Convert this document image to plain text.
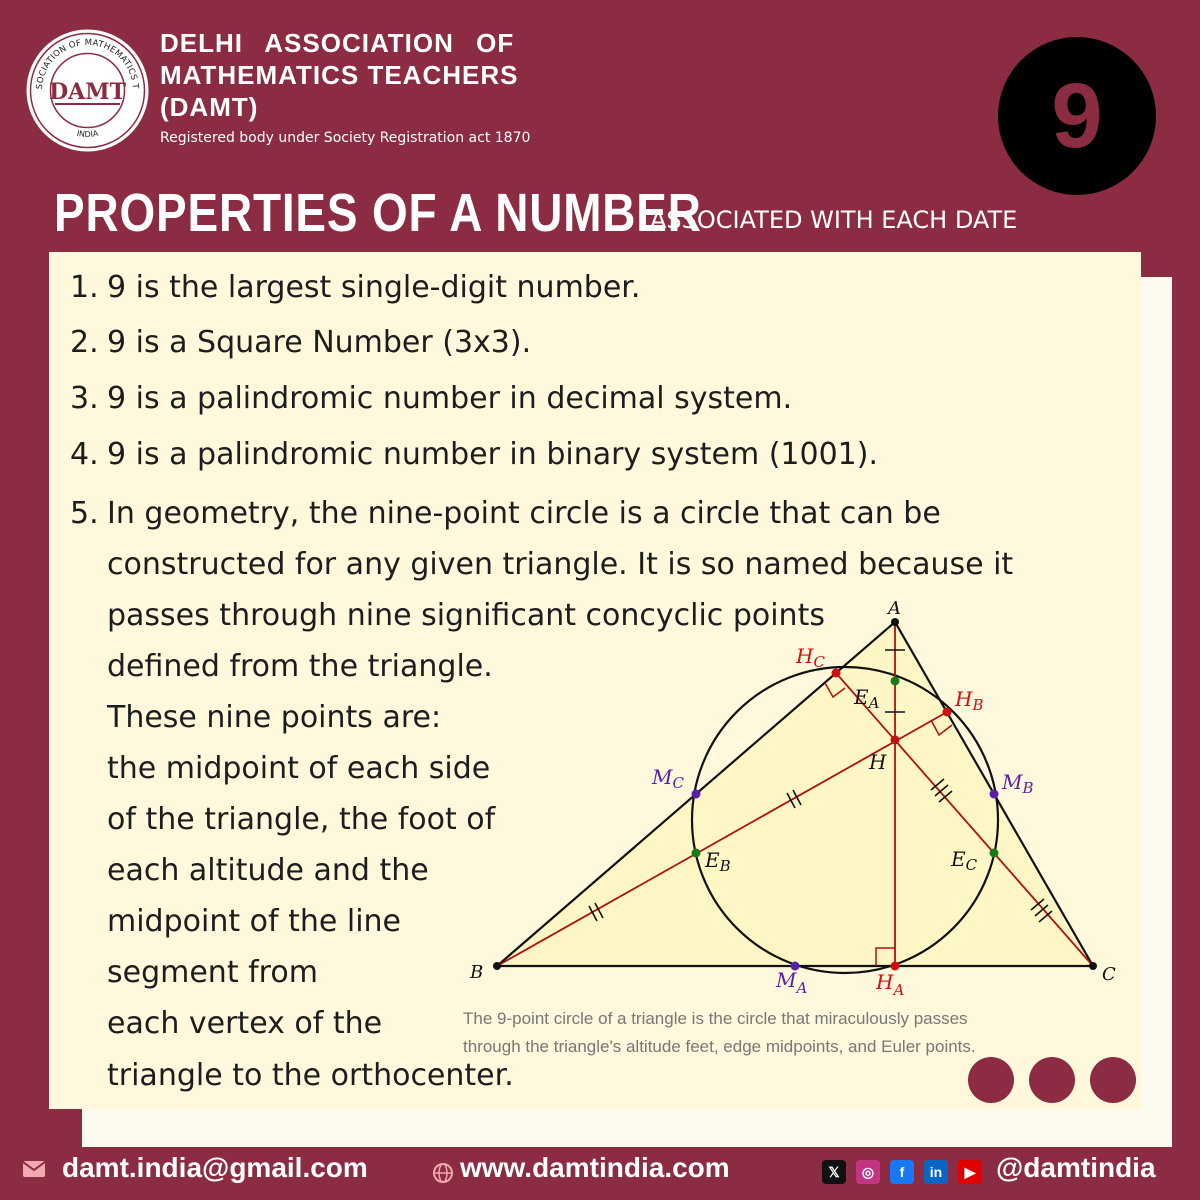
SOCIATION OF MATHEMATICS T
INDIA
DAMT
DELHI ASSOCIATION OF
MATHEMATICS TEACHERS
(DAMT)
Registered body under Society Registration act 1870	9
PROPERTIES OF A NUMBER
ASSOCIATED WITH EACH DATE
1. 9 is the largest single-digit number.
2. 9 is a Square Number (3x3).
3. 9 is a palindromic number in decimal system.
4. 9 is a palindromic number in binary system (1001).
5. In geometry, the nine-point circle is a circle that can be
constructed for any given triangle. It is so named because it
passes through nine significant concyclic points
defined from the triangle.
These nine points are:
the midpoint of each side
of the triangle, the foot of
each altitude and the
midpoint of the line
segment from
each vertex of the
triangle to the orthocenter.
A
B	C
H
$H_C$
$H_B$
$H_A$
$M_A$
$M_B$
$M_C$
$E_A$
$E_B$	$E_C$
The 9-point circle of a triangle is the circle that miraculously passes
through the triangle's altitude feet, edge midpoints, and Euler points.
damt.india@gmail.com	www.damtindia.com	𝕏	◎	f	in	▶ @damtindia
